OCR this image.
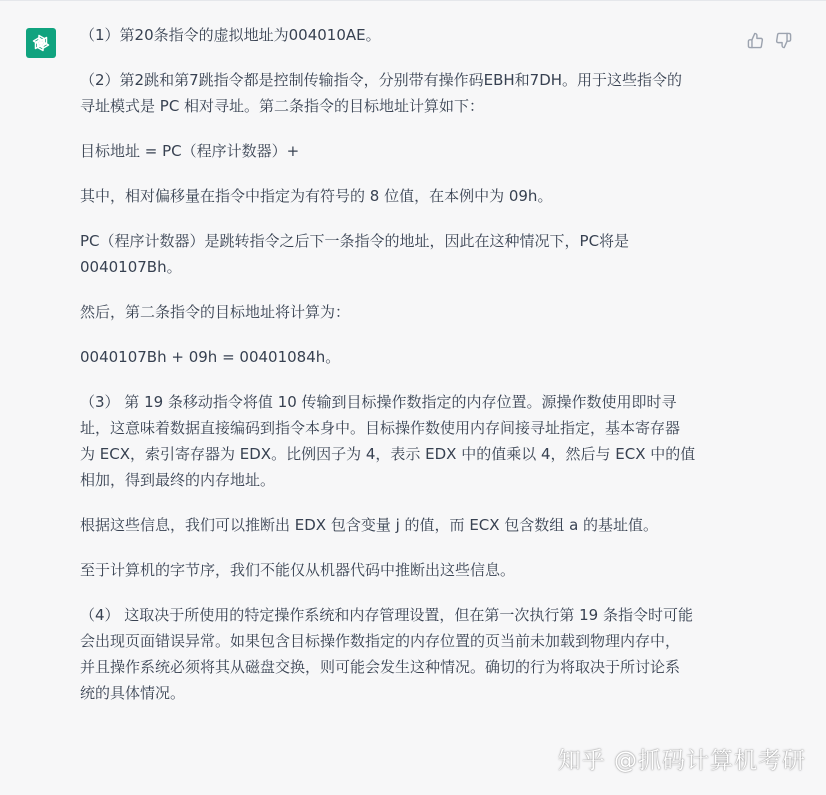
（1）第20条指令的虚拟地址为004010AE。

（2）第2跳和第7跳指令都是控制传输指令，分别带有操作码EBH和7DH。用于这些指令的
寻址模式是 PC 相对寻址。第二条指令的目标地址计算如下：

目标地址 = PC（程序计数器）+

其中，相对偏移量在指令中指定为有符号的 8 位值，在本例中为 09h。

PC（程序计数器）是跳转指令之后下一条指令的地址，因此在这种情况下，PC将是
0040107Bh。

然后，第二条指令的目标地址将计算为：

0040107Bh + 09h = 00401084h。

（3） 第 19 条移动指令将值 10 传输到目标操作数指定的内存位置。源操作数使用即时寻
址，这意味着数据直接编码到指令本身中。目标操作数使用内存间接寻址指定，基本寄存器
为 ECX，索引寄存器为 EDX。比例因子为 4，表示 EDX 中的值乘以 4，然后与 ECX 中的值
相加，得到最终的内存地址。

根据这些信息，我们可以推断出 EDX 包含变量 j 的值，而 ECX 包含数组 a 的基址值。

至于计算机的字节序，我们不能仅从机器代码中推断出这些信息。

（4） 这取决于所使用的特定操作系统和内存管理设置，但在第一次执行第 19 条指令时可能
会出现页面错误异常。如果包含目标操作数指定的内存位置的页当前未加载到物理内存中，
并且操作系统必须将其从磁盘交换，则可能会发生这种情况。确切的行为将取决于所讨论系
统的具体情况。

知乎 @抓码计算机考研
